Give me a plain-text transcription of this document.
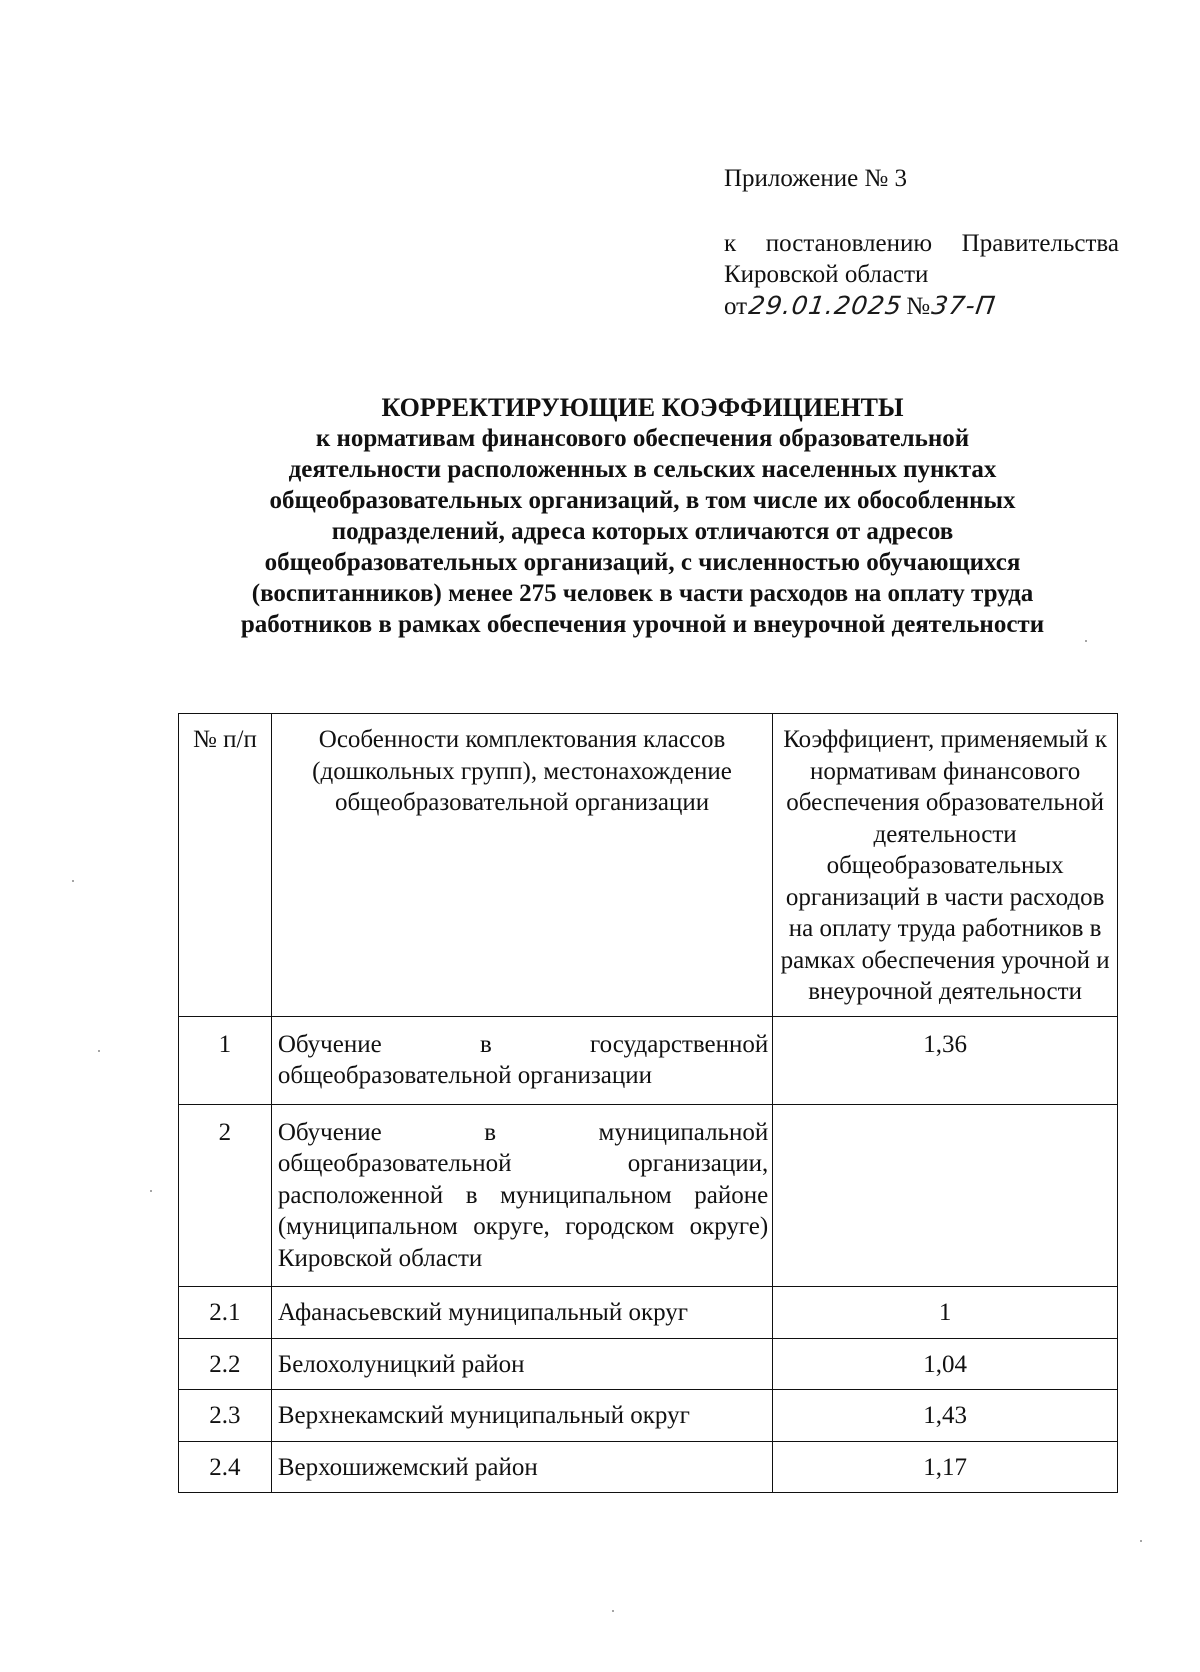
Приложение № 3
к постановлению Правительства
Кировской области
от 29.01.2025 № 37-П
КОРРЕКТИРУЮЩИЕ КОЭФФИЦИЕНТЫ
к нормативам финансового обеспечения образовательной
деятельности расположенных в сельских населенных пунктах
общеобразовательных организаций, в том числе их обособленных
подразделений, адреса которых отличаются от адресов
общеобразовательных организаций, с численностью обучающихся
(воспитанников) менее 275 человек в части расходов на оплату труда
работников в рамках обеспечения урочной и внеурочной деятельности
№ п/п	Особенности комплектования классов (дошкольных групп), местонахождение общеобразовательной организации	Коэффициент, применяемый к нормативам финансового обеспечения образовательной деятельности общеобразовательных организаций в части расходов на оплату труда работников в рамках обеспечения урочной и внеурочной деятельности
1	Обучение в государственной общеобразовательной организации	1,36
2	Обучение в муниципальной общеобразовательной организации, расположенной в муниципальном районе (муниципальном округе, городском округе) Кировской области	
2.1	Афанасьевский муниципальный округ	1
2.2	Белохолуницкий район	1,04
2.3	Верхнекамский муниципальный округ	1,43
2.4	Верхошижемский район	1,17
